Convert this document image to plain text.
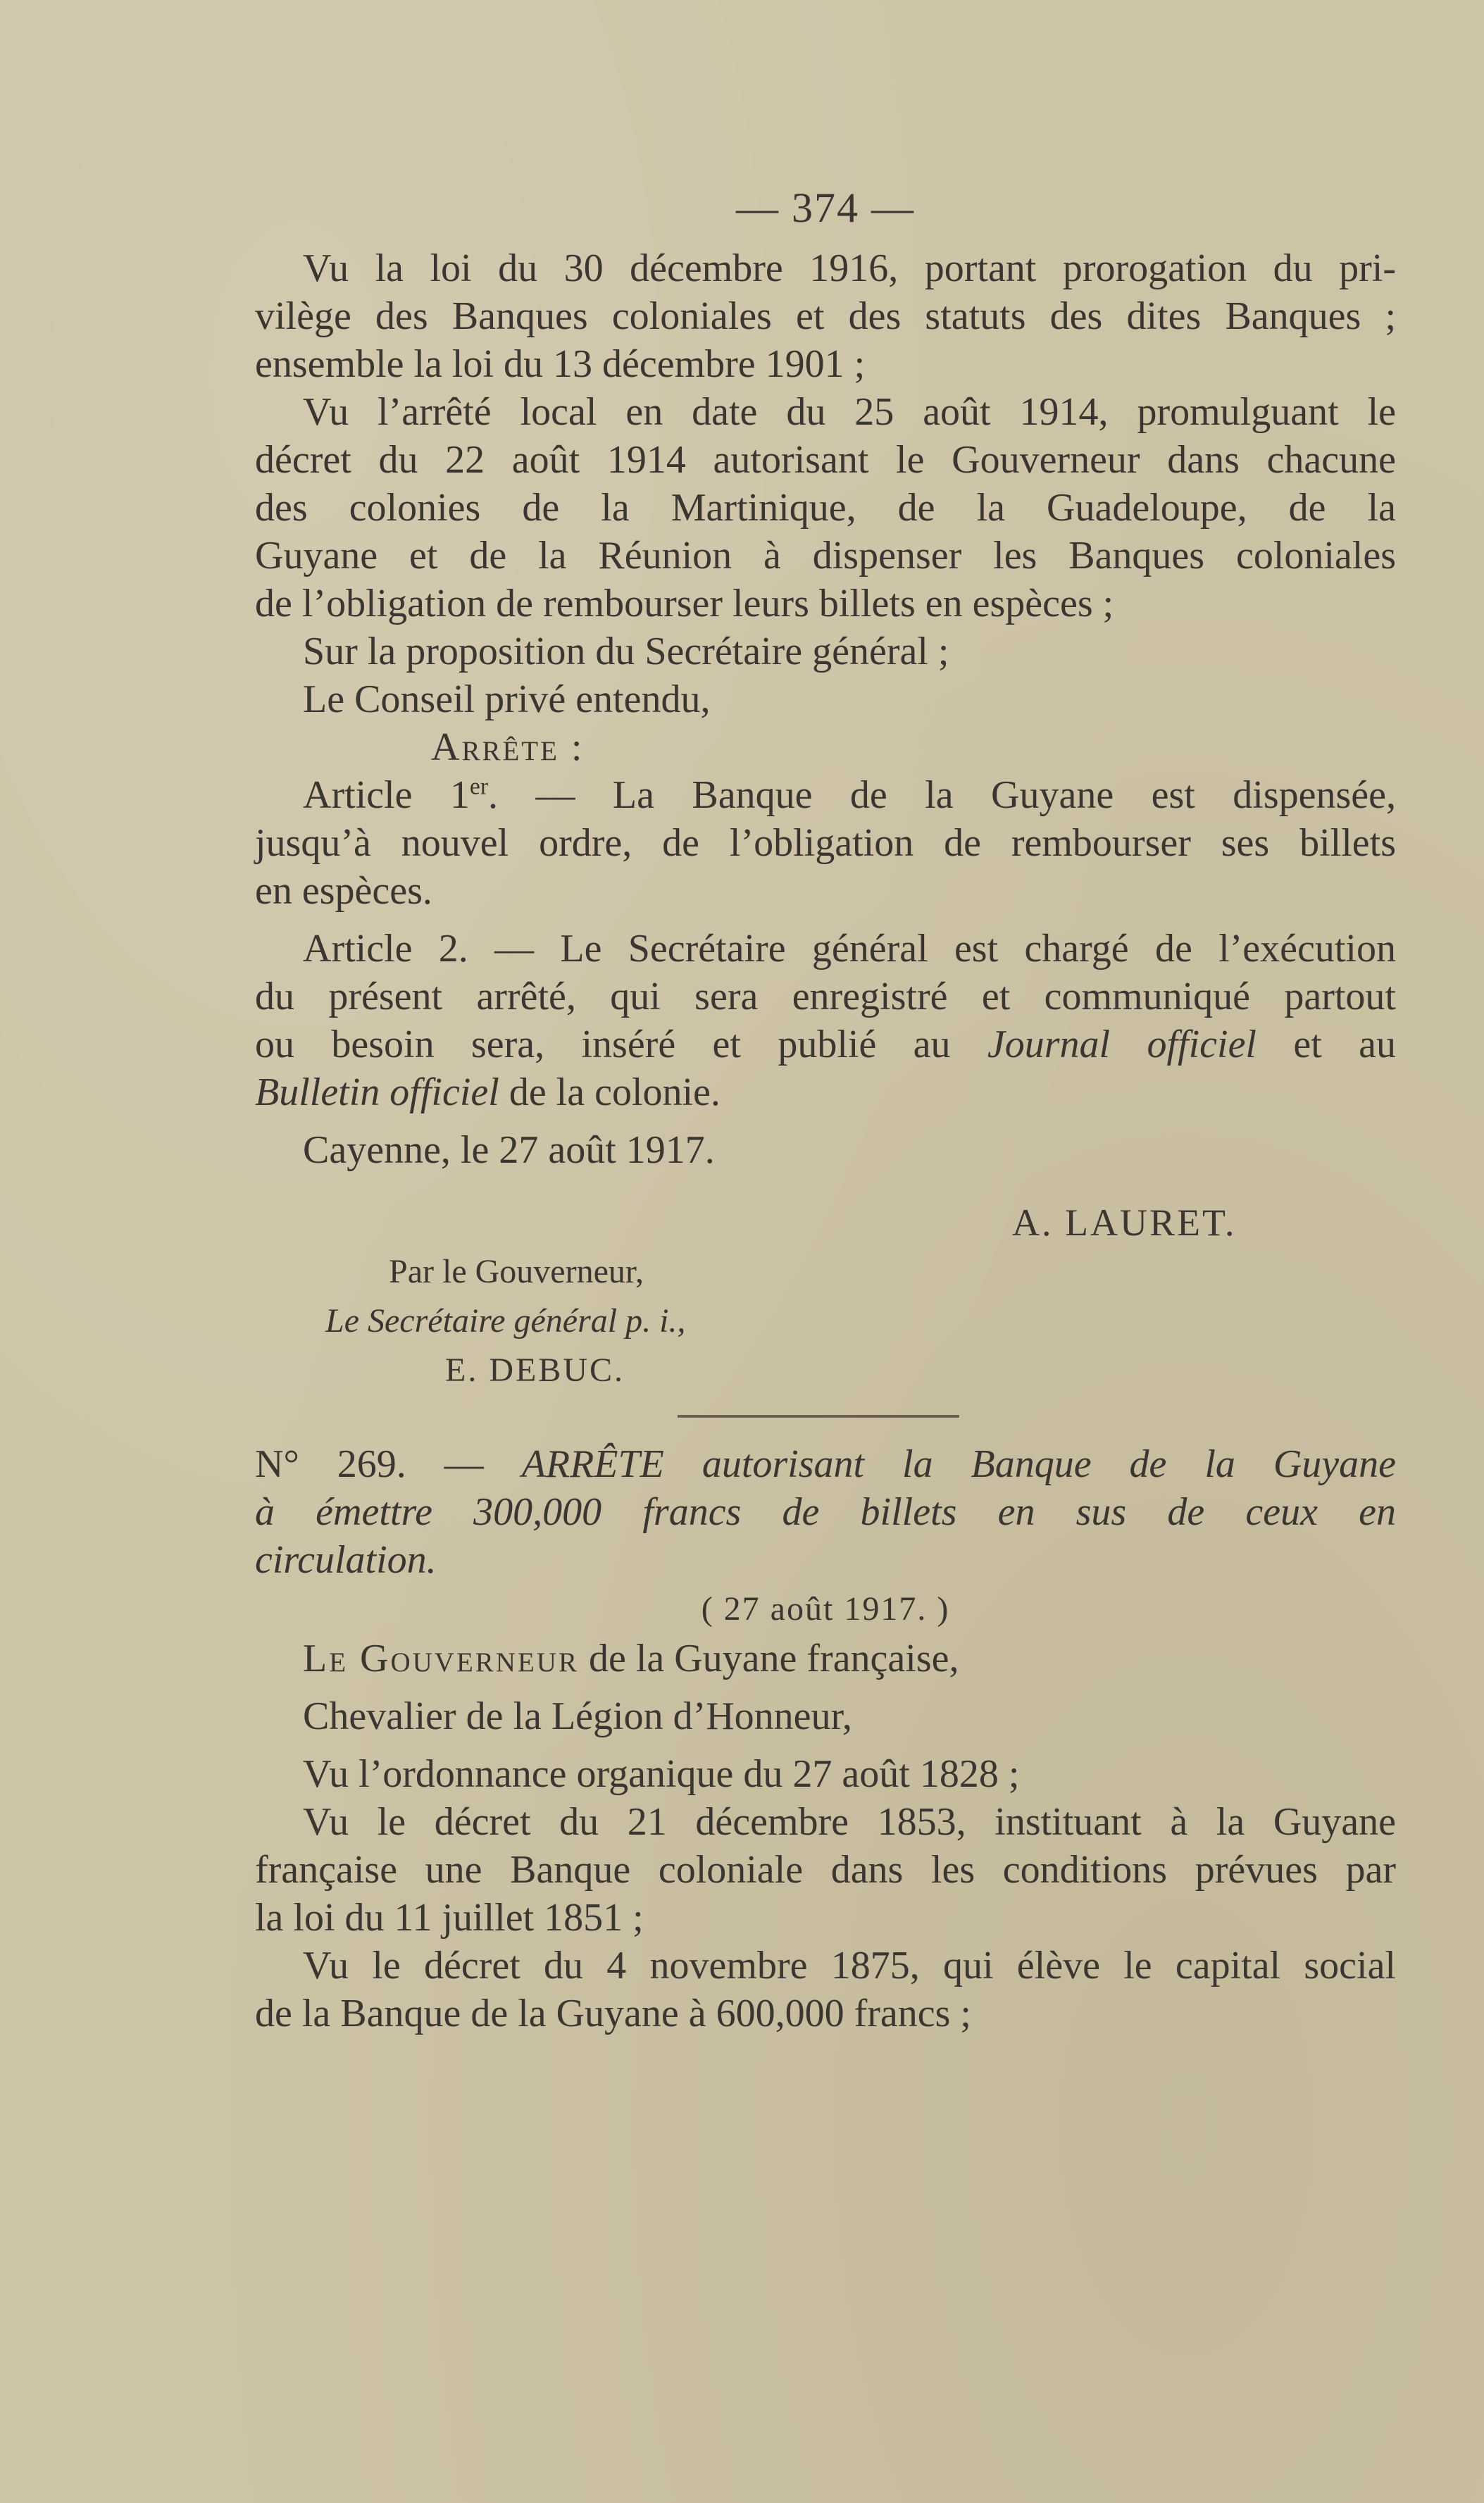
— 374 —
Vu la loi du 30 décembre 1916, portant prorogation du pri-
vilège des Banques coloniales et des statuts des dites Banques ;
ensemble la loi du 13 décembre 1901 ;
Vu l’arrêté local en date du 25 août 1914, promulguant le
décret du 22 août 1914 autorisant le Gouverneur dans chacune
des colonies de la Martinique, de la Guadeloupe, de la
Guyane et de la Réunion à dispenser les Banques coloniales
de l’obligation de rembourser leurs billets en espèces ;
Sur la proposition du Secrétaire général ;
Le Conseil privé entendu,
Arrête :
Article 1er. — La Banque de la Guyane est dispensée,
jusqu’à nouvel ordre, de l’obligation de rembourser ses billets
en espèces.
Article 2. — Le Secrétaire général est chargé de l’exécution
du présent arrêté, qui sera enregistré et communiqué partout
ou besoin sera, inséré et publié au Journal officiel et au
Bulletin officiel de la colonie.
Cayenne, le 27 août 1917.
A. LAURET.
Par le Gouverneur,
Le Secrétaire général p. i.,
E. DEBUC.
N° 269. — ARRÊTE autorisant la Banque de la Guyane
à émettre 300,000 francs de billets en sus de ceux en
circulation.
( 27 août 1917. )
Le Gouverneur de la Guyane française,
Chevalier de la Légion d’Honneur,
Vu l’ordonnance organique du 27 août 1828 ;
Vu le décret du 21 décembre 1853, instituant à la Guyane
française une Banque coloniale dans les conditions prévues par
la loi du 11 juillet 1851 ;
Vu le décret du 4 novembre 1875, qui élève le capital social
de la Banque de la Guyane à 600,000 francs ;
